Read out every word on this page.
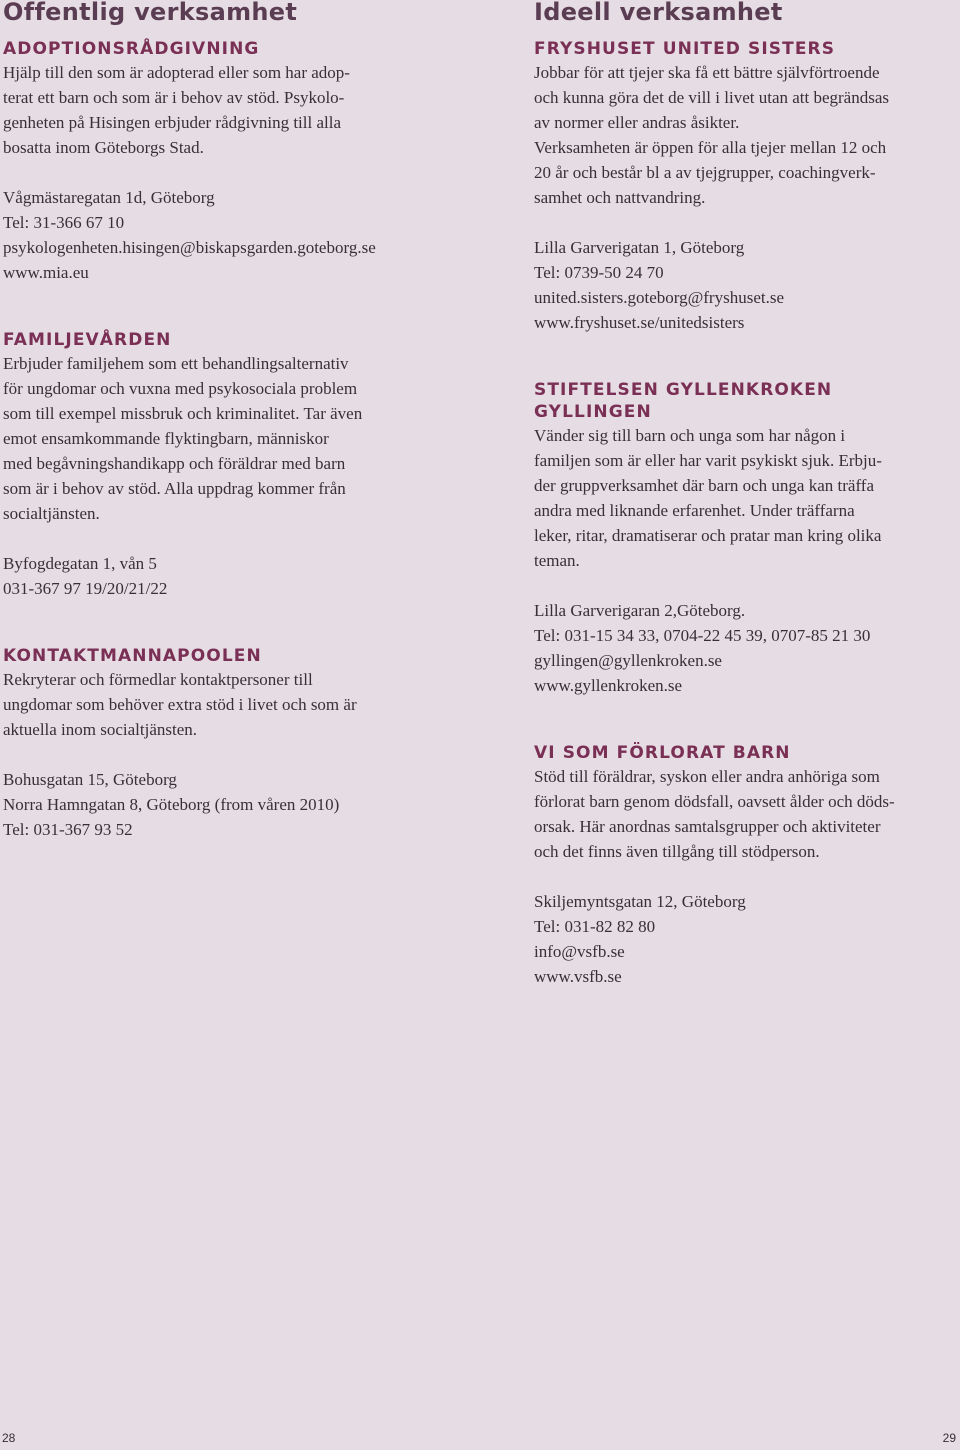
Offentlig verksamhet
ADOPTIONSRÅDGIVNING

Hjälp till den som är adopterad eller som har adop-

terat ett barn och som är i behov av stöd. Psykolo-

genheten på Hisingen erbjuder rådgivning till alla

bosatta inom Göteborgs Stad.

Vågmästaregatan 1d, Göteborg

Tel: 31-366 67 10

psykologenheten.hisingen@biskapsgarden.goteborg.se

www.mia.eu

FAMILJEVÅRDEN

Erbjuder familjehem som ett behandlingsalternativ

för ungdomar och vuxna med psykosociala problem

som till exempel missbruk och kriminalitet. Tar även

emot ensamkommande flyktingbarn, människor

med begåvningshandikapp och föräldrar med barn

som är i behov av stöd. Alla uppdrag kommer från

socialtjänsten.

Byfogdegatan 1, vån 5

031-367 97 19/20/21/22

KONTAKTMANNAPOOLEN

Rekryterar och förmedlar kontaktpersoner till

ungdomar som behöver extra stöd i livet och som är

aktuella inom socialtjänsten.

Bohusgatan 15, Göteborg

Norra Hamngatan 8, Göteborg (from våren 2010)

Tel: 031-367 93 52

Ideell verksamhet
FRYSHUSET UNITED SISTERS

Jobbar för att tjejer ska få ett bättre självförtroende

och kunna göra det de vill i livet utan att begrändsas

av normer eller andras åsikter.

Verksamheten är öppen för alla tjejer mellan 12 och

20 år och består bl a av tjejgrupper, coachingverk-

samhet och nattvandring.

Lilla Garverigatan 1, Göteborg

Tel: 0739-50 24 70

united.sisters.goteborg@fryshuset.se

www.fryshuset.se/unitedsisters

STIFTELSEN GYLLENKROKEN GYLLINGEN

Vänder sig till barn och unga som har någon i

familjen som är eller har varit psykiskt sjuk. Erbju-

der gruppverksamhet där barn och unga kan träffa

andra med liknande erfarenhet. Under träffarna

leker, ritar, dramatiserar och pratar man kring olika

teman.

Lilla Garverigaran 2,Göteborg.

Tel: 031-15 34 33, 0704-22 45 39, 0707-85 21 30

gyllingen@gyllenkroken.se

www.gyllenkroken.se

VI SOM FÖRLORAT BARN

Stöd till föräldrar, syskon eller andra anhöriga som

förlorat barn genom dödsfall, oavsett ålder och döds-

orsak. Här anordnas samtalsgrupper och aktiviteter

och det finns även tillgång till stödperson.

Skiljemyntsgatan 12, Göteborg

Tel: 031-82 82 80

info@vsfb.se

www.vsfb.se

28	29
